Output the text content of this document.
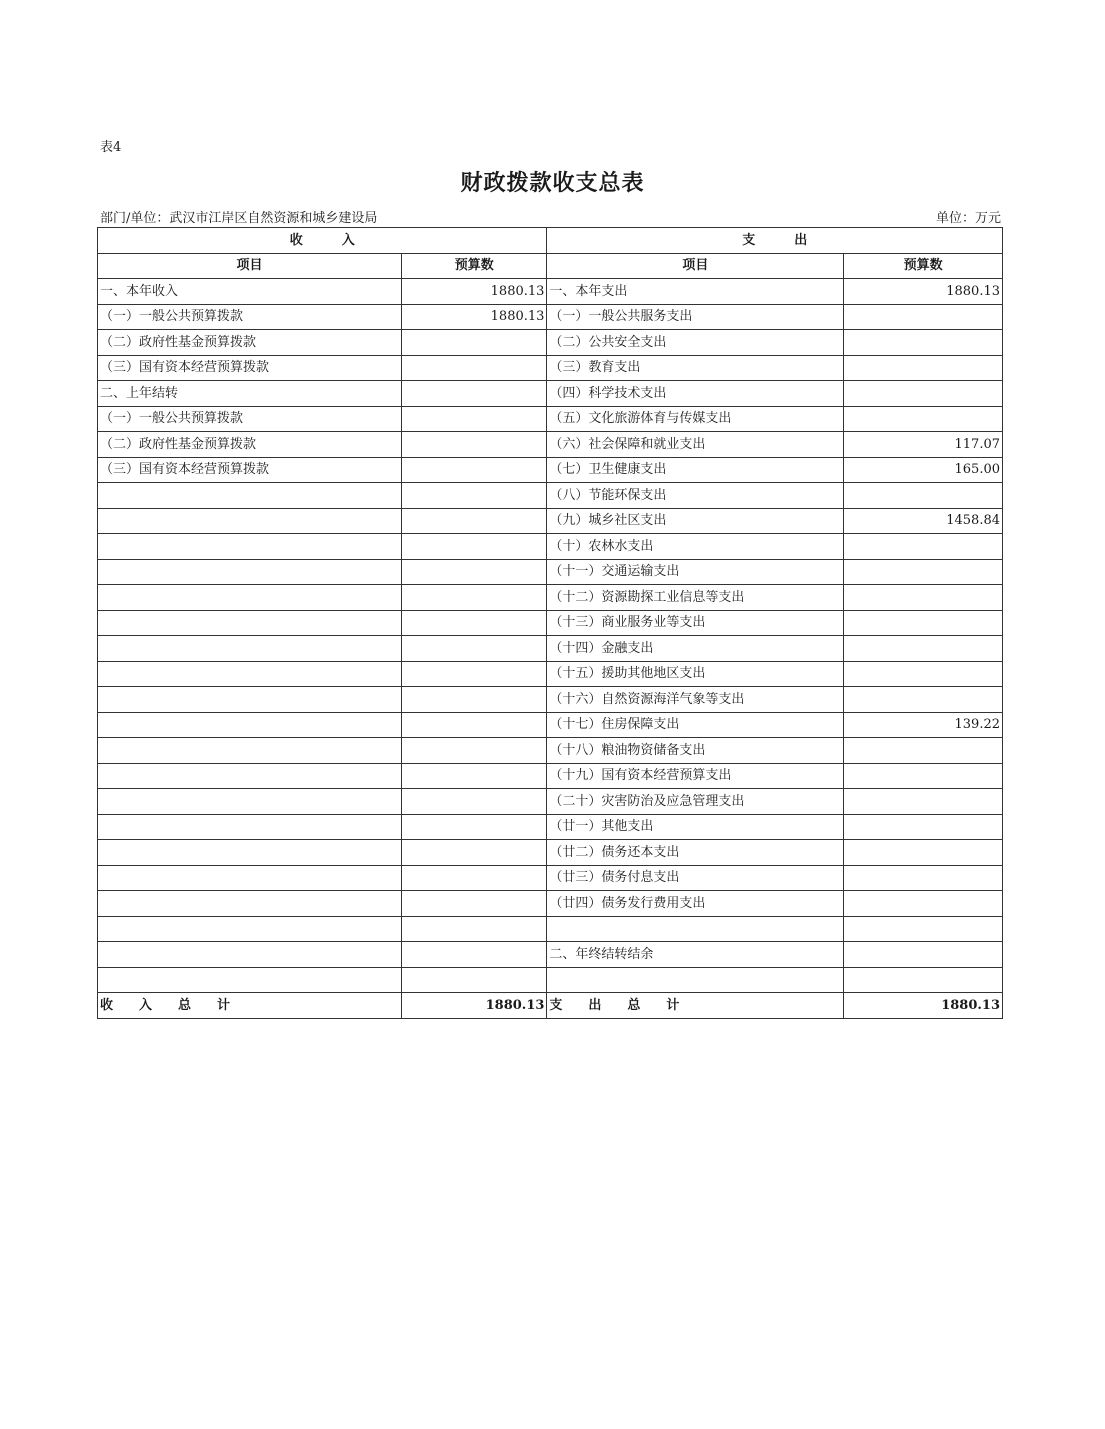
表4
财政拨款收支总表
部门/单位：武汉市江岸区自然资源和城乡建设局	单位：万元
收　　　入		支　　　出	
项目	预算数	项目	预算数
一、本年收入	1880.13	一、本年支出	1880.13
（一）一般公共预算拨款	1880.13	（一）一般公共服务支出	
（二）政府性基金预算拨款		（二）公共安全支出	
（三）国有资本经营预算拨款		（三）教育支出	
二、上年结转		（四）科学技术支出	
（一）一般公共预算拨款		（五）文化旅游体育与传媒支出	
（二）政府性基金预算拨款		（六）社会保障和就业支出	117.07
（三）国有资本经营预算拨款		（七）卫生健康支出	165.00
		（八）节能环保支出	
		（九）城乡社区支出	1458.84
		（十）农林水支出	
		（十一）交通运输支出	
		（十二）资源勘探工业信息等支出	
		（十三）商业服务业等支出	
		（十四）金融支出	
		（十五）援助其他地区支出	
		（十六）自然资源海洋气象等支出	
		（十七）住房保障支出	139.22
		（十八）粮油物资储备支出	
		（十九）国有资本经营预算支出	
		（二十）灾害防治及应急管理支出	
		（廿一）其他支出	
		（廿二）债务还本支出	
		（廿三）债务付息支出	
		（廿四）债务发行费用支出	

		二、年终结转结余	

收　　入　　总　　计	1880.13	支　　出　　总　　计	1880.13
